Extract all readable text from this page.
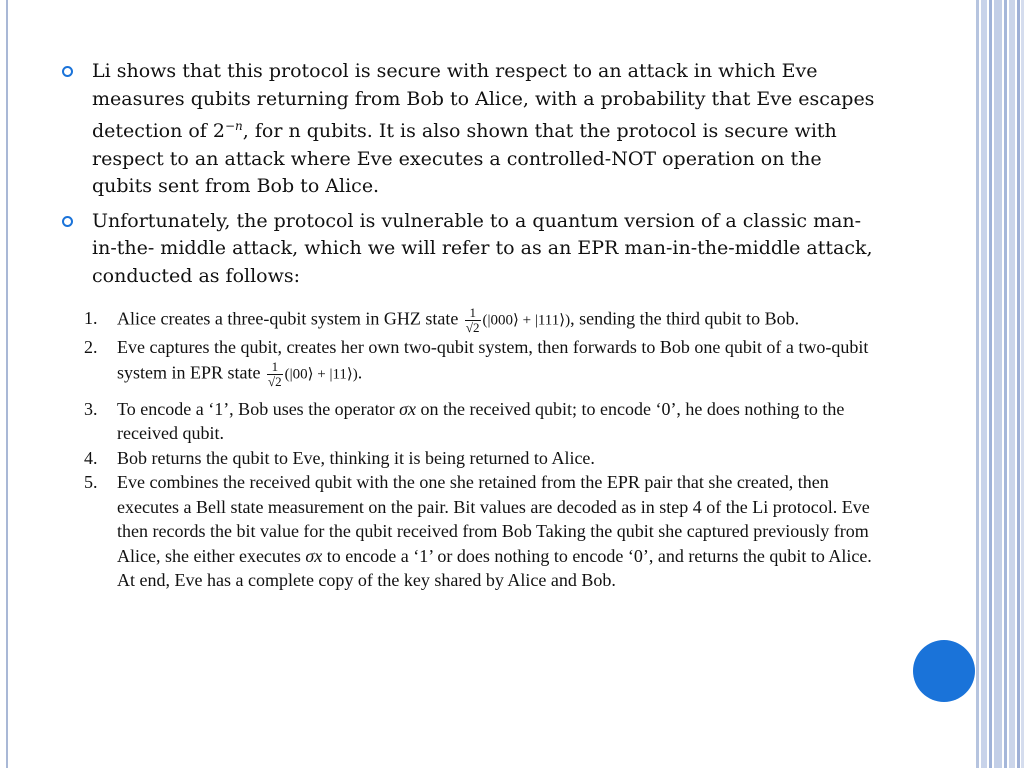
Li shows that this protocol is secure with respect to an attack in which Eve measures qubits returning from Bob to Alice, with a probability that Eve escapes detection of $2^{-n}$, for n qubits. It is also shown that the protocol is secure with respect to an attack where Eve executes a controlled-NOT operation on the qubits sent from Bob to Alice.
Unfortunately, the protocol is vulnerable to a quantum version of a classic man- in-the- middle attack, which we will refer to as an EPR man-in-the-middle attack, conducted as follows:
1. Alice creates a three-qubit system in GHZ state $\frac{1}{√2}$ (|000⟩ + |111⟩), sending the third qubit to Bob.
2. Eve captures the qubit, creates her own two-qubit system, then forwards to Bob one qubit of a two-qubit system in EPR state $\frac{1}{√2}$ (|00⟩ + |11⟩).
3. To encode a ‘1’, Bob uses the operator σx on the received qubit; to encode ‘0’, he does nothing to the received qubit.
4. Bob returns the qubit to Eve, thinking it is being returned to Alice.
5. Eve combines the received qubit with the one she retained from the EPR pair that she created, then executes a Bell state measurement on the pair. Bit values are decoded as in step 4 of the Li protocol. Eve then records the bit value for the qubit received from Bob Taking the qubit she captured previously from Alice, she either executes σx to encode a ‘1’ or does nothing to encode ‘0’, and returns the qubit to Alice. At end, Eve has a complete copy of the key shared by Alice and Bob.
